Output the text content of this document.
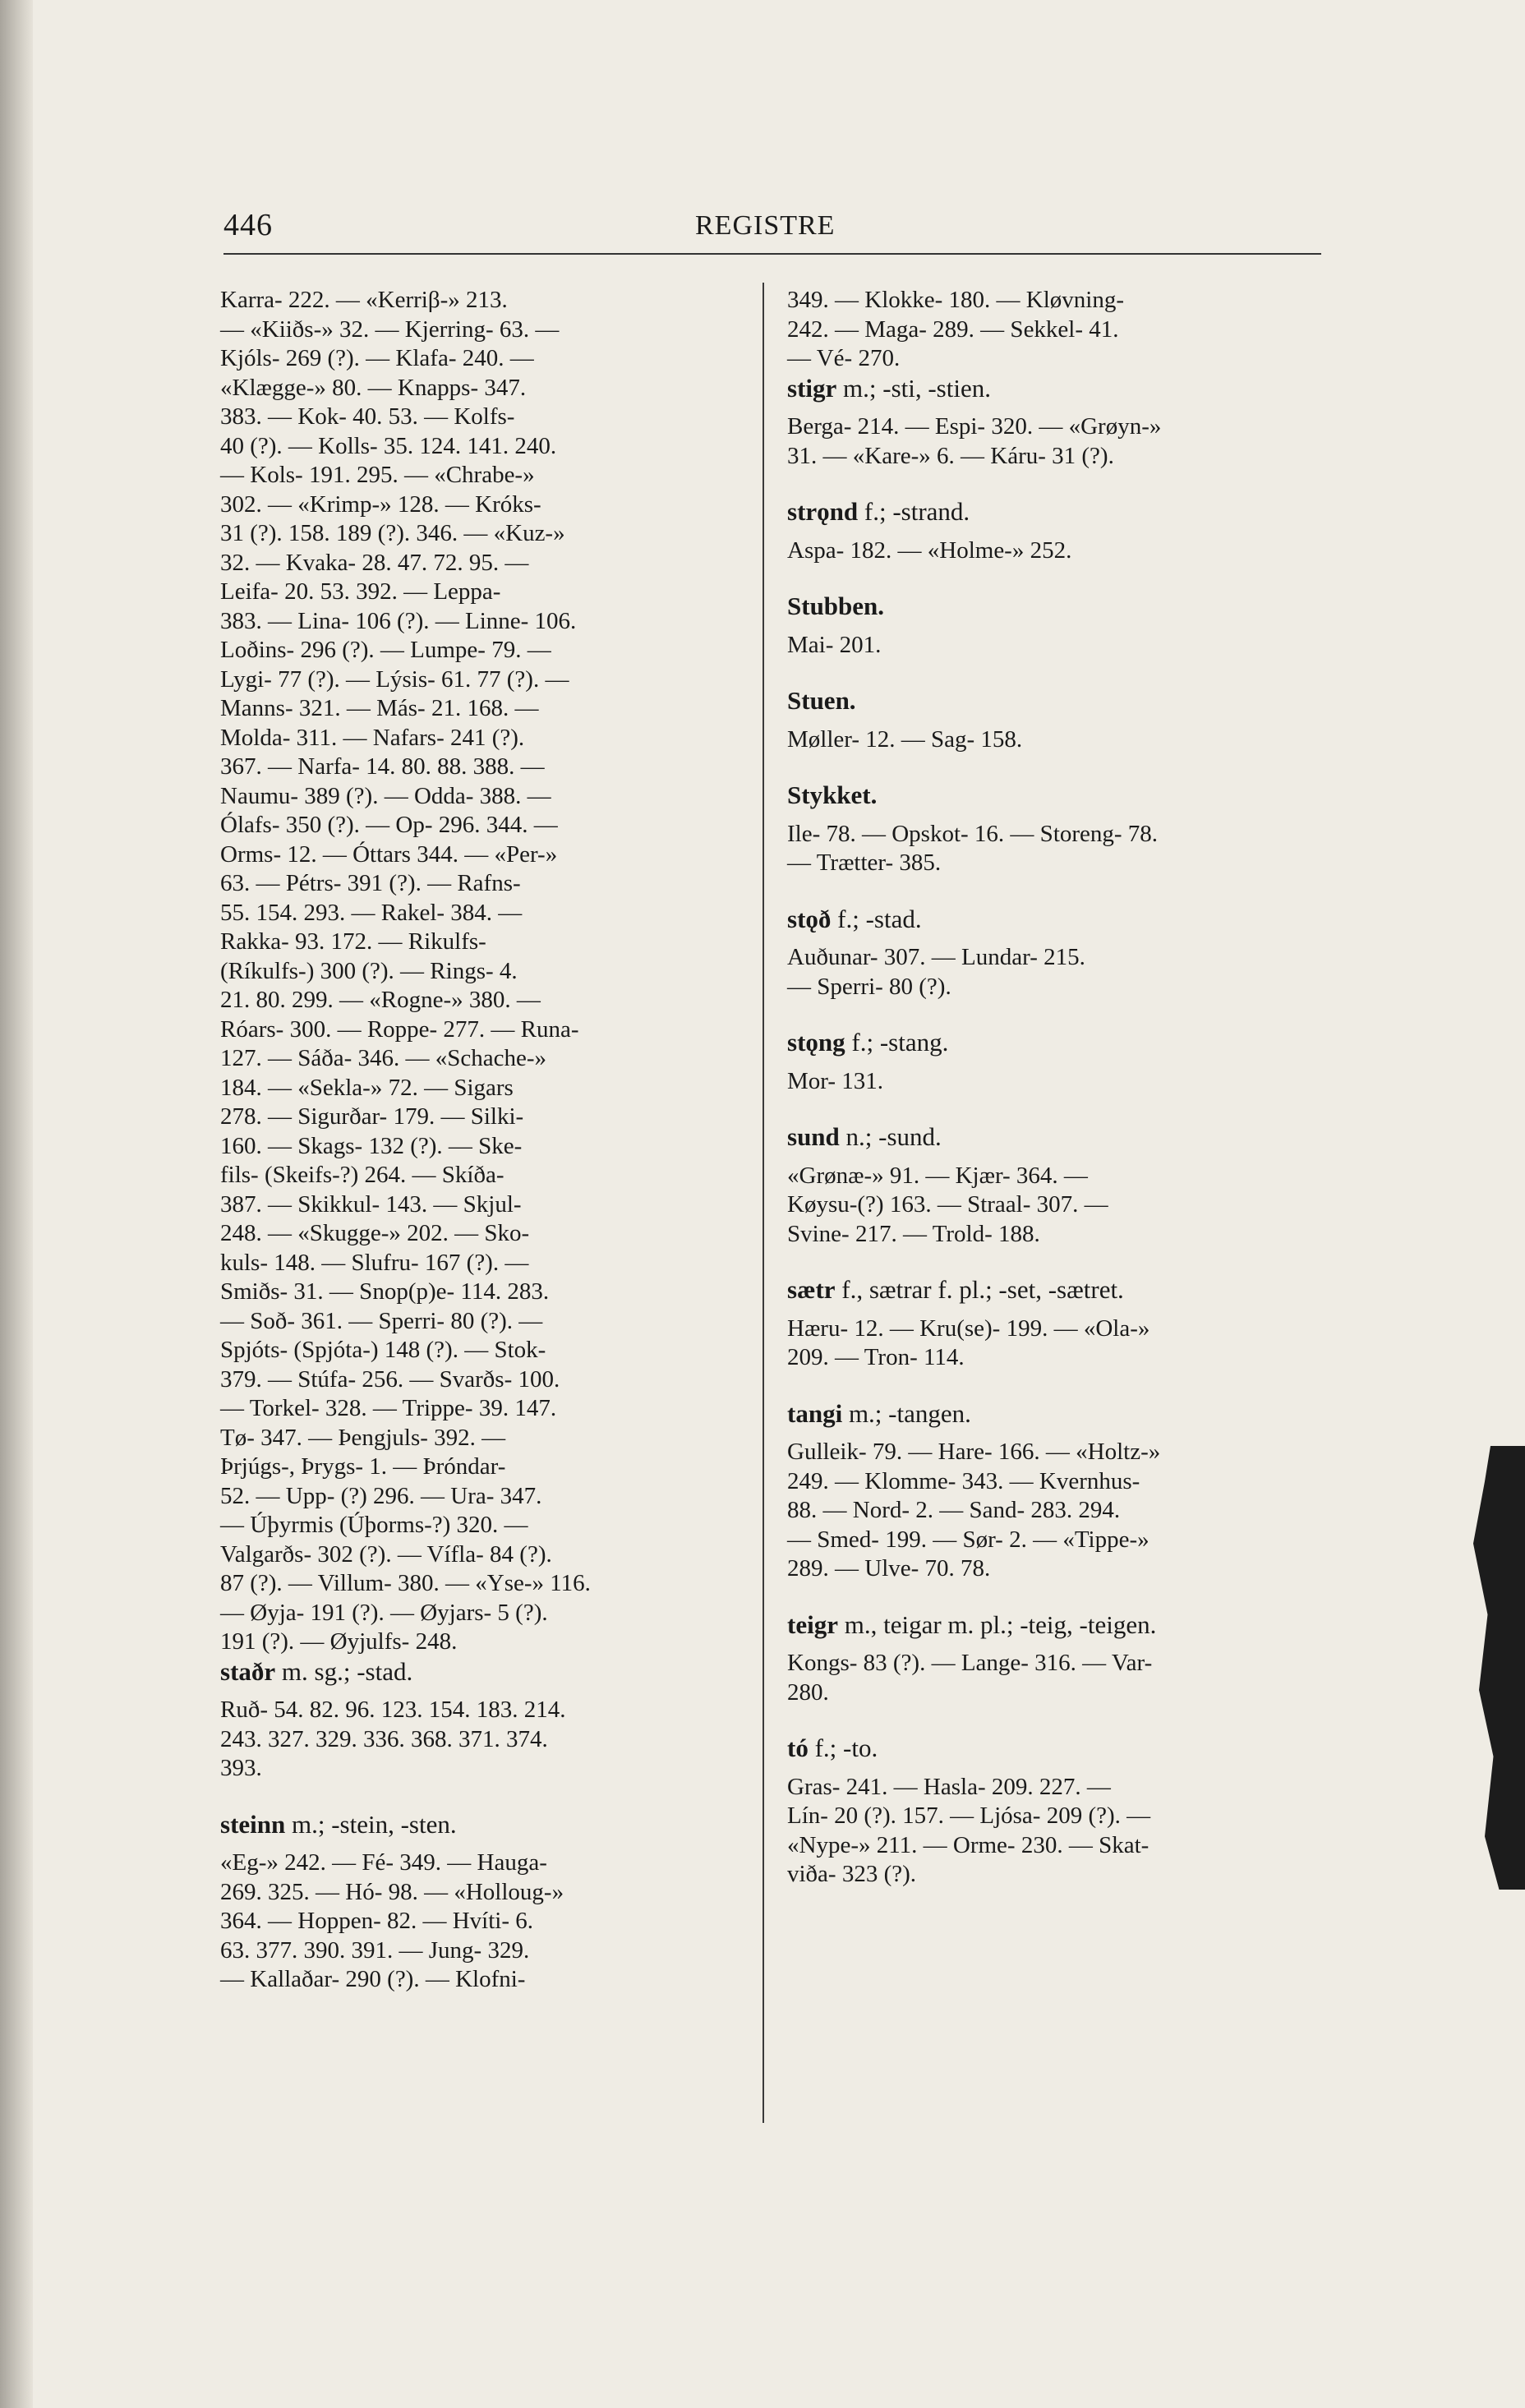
446	REGISTRE
Karra- 222. — «Kerriβ-» 213.
— «Kiiðs-» 32. — Kjerring- 63. —
Kjóls- 269 (?). — Klafa- 240. —
«Klægge-» 80. — Knapps- 347.
383. — Kok- 40. 53. — Kolfs-
40 (?). — Kolls- 35. 124. 141. 240.
— Kols- 191. 295. — «Chrabe-»
302. — «Krimp-» 128. — Króks-
31 (?). 158. 189 (?). 346. — «Kuz-»
32. — Kvaka- 28. 47. 72. 95. —
Leifa- 20. 53. 392. — Leppa-
383. — Lina- 106 (?). — Linne- 106.
Loðins- 296 (?). — Lumpe- 79. —
Lygi- 77 (?). — Lýsis- 61. 77 (?). —
Manns- 321. — Más- 21. 168. —
Molda- 311. — Nafars- 241 (?).
367. — Narfa- 14. 80. 88. 388. —
Naumu- 389 (?). — Odda- 388. —
Ólafs- 350 (?). — Op- 296. 344. —
Orms- 12. — Óttars 344. — «Per-»
63. — Pétrs- 391 (?). — Rafns-
55. 154. 293. — Rakel- 384. —
Rakka- 93. 172. — Rikulfs-
(Ríkulfs-) 300 (?). — Rings- 4.
21. 80. 299. — «Rogne-» 380. —
Róars- 300. — Roppe- 277. — Runa-
127. — Sáða- 346. — «Schache-»
184. — «Sekla-» 72. — Sigars
278. — Sigurðar- 179. — Silki-
160. — Skags- 132 (?). — Ske-
fils- (Skeifs-?) 264. — Skíða-
387. — Skikkul- 143. — Skjul-
248. — «Skugge-» 202. — Sko-
kuls- 148. — Slufru- 167 (?). —
Smiðs- 31. — Snop(p)e- 114. 283.
— Soð- 361. — Sperri- 80 (?). —
Spjóts- (Spjóta-) 148 (?). — Stok-
379. — Stúfa- 256. — Svarðs- 100.
— Torkel- 328. — Trippe- 39. 147.
Tø- 347. — Þengjuls- 392. —
Þrjúgs-, Þrygs- 1. — Þróndar-
52. — Upp- (?) 296. — Ura- 347.
— Úþyrmis (Úþorms-?) 320. —
Valgarðs- 302 (?). — Vífla- 84 (?).
87 (?). — Villum- 380. — «Yse-» 116.
— Øyja- 191 (?). — Øyjars- 5 (?).
191 (?). — Øyjulfs- 248.
staðr m. sg.; -stad.
Ruð- 54. 82. 96. 123. 154. 183. 214.
243. 327. 329. 336. 368. 371. 374.
393.
steinn m.; -stein, -sten.
«Eg-» 242. — Fé- 349. — Hauga-
269. 325. — Hó- 98. — «Holloug-»
364. — Hoppen- 82. — Hvíti- 6.
63. 377. 390. 391. — Jung- 329.
— Kallaðar- 290 (?). — Klofni-
349. — Klokke- 180. — Kløvning-
242. — Maga- 289. — Sekkel- 41.
— Vé- 270.
stigr m.; -sti, -stien.
Berga- 214. — Espi- 320. — «Grøyn-»
31. — «Kare-» 6. — Káru- 31 (?).
strǫnd f.; -strand.
Aspa- 182. — «Holme-» 252.
Stubben.
Mai- 201.
Stuen.
Møller- 12. — Sag- 158.
Stykket.
Ile- 78. — Opskot- 16. — Storeng- 78.
— Trætter- 385.
stǫð f.; -stad.
Auðunar- 307. — Lundar- 215.
— Sperri- 80 (?).
stǫng f.; -stang.
Mor- 131.
sund n.; -sund.
«Grønæ-» 91. — Kjær- 364. —
Køysu-(?) 163. — Straal- 307. —
Svine- 217. — Trold- 188.
sætr f., sætrar f. pl.; -set, -sætret.
Hæru- 12. — Kru(se)- 199. — «Ola-»
209. — Tron- 114.
tangi m.; -tangen.
Gulleik- 79. — Hare- 166. — «Holtz-»
249. — Klomme- 343. — Kvernhus-
88. — Nord- 2. — Sand- 283. 294.
— Smed- 199. — Sør- 2. — «Tippe-»
289. — Ulve- 70. 78.
teigr m., teigar m. pl.; -teig, -teigen.
Kongs- 83 (?). — Lange- 316. — Var-
280.
tó f.; -to.
Gras- 241. — Hasla- 209. 227. —
Lín- 20 (?). 157. — Ljósa- 209 (?). —
«Nype-» 211. — Orme- 230. — Skat-
viða- 323 (?).
